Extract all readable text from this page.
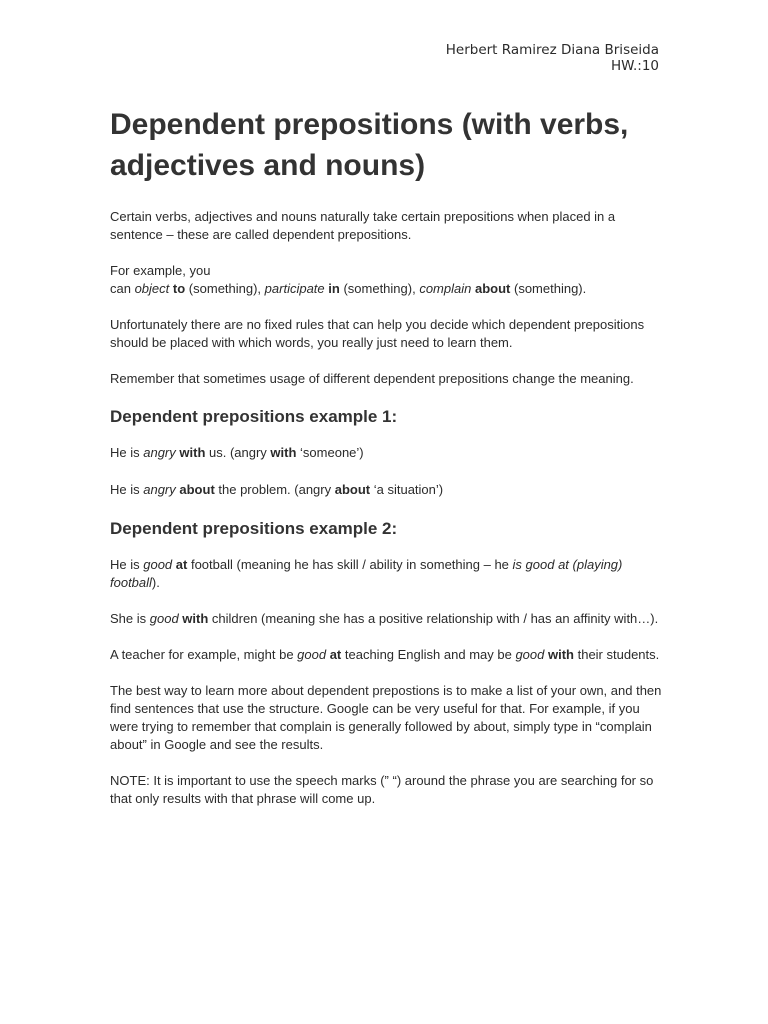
Herbert Ramirez Diana Briseida
HW.:10
Dependent prepositions (with verbs, adjectives and nouns)

Certain verbs, adjectives and nouns naturally take certain prepositions when placed in a sentence – these are called dependent prepositions.

For example, you
can object to (something), participate in (something), complain about (something).

Unfortunately there are no fixed rules that can help you decide which dependent prepositions should be placed with which words, you really just need to learn them.

Remember that sometimes usage of different dependent prepositions change the meaning.

Dependent prepositions example 1:

He is angry with us. (angry with ‘someone’)

He is angry about the problem. (angry about ‘a situation’)

Dependent prepositions example 2:

He is good at football (meaning he has skill / ability in something – he is good at (playing) football).

She is good with children (meaning she has a positive relationship with / has an affinity with…).

A teacher for example, might be good at teaching English and may be good with their students.

The best way to learn more about dependent prepostions is to make a list of your own, and then find sentences that use the structure. Google can be very useful for that. For example, if you were trying to remember that complain is generally followed by about, simply type in “complain about” in Google and see the results.

NOTE: It is important to use the speech marks (” “) around the phrase you are searching for so that only results with that phrase will come up.
